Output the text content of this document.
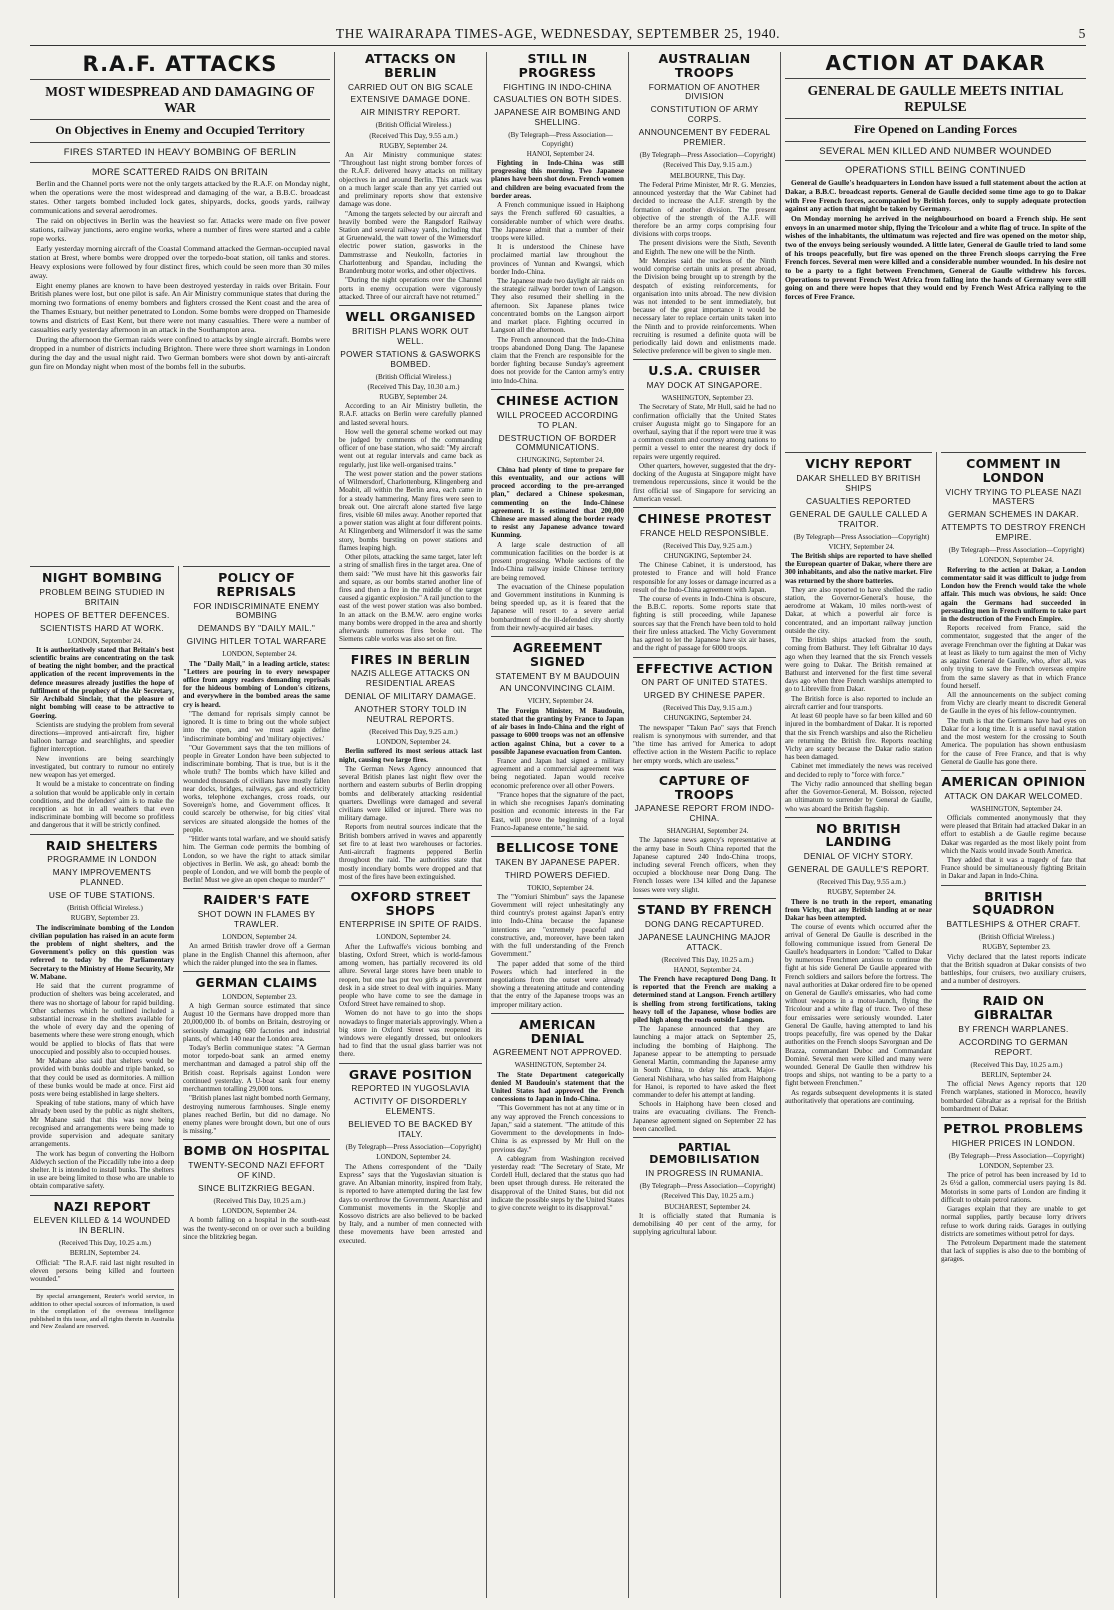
THE WAIRARAPA TIMES-AGE, WEDNESDAY, SEPTEMBER 25, 1940.	5
R.A.F. ATTACKS
MOST WIDESPREAD AND DAMAGING OF WAR
On Objectives in Enemy and Occupied Territory
FIRES STARTED IN HEAVY BOMBING OF BERLIN
MORE SCATTERED RAIDS ON BRITAIN

Berlin and the Channel ports were not the only targets attacked by the R.A.F. on Monday night, when the operations were the most widespread and damaging of the war, a B.B.C. broadcast states. Other targets bombed included lock gates, shipyards, docks, goods yards, railway communications and several aerodromes.

The raid on objectives in Berlin was the heaviest so far. Attacks were made on five power stations, railway junctions, aero engine works, where a number of fires were started and a cable rope works.

Early yesterday morning aircraft of the Coastal Command attacked the German-occupied naval station at Brest, where bombs were dropped over the torpedo-boat station, oil tanks and stores. Heavy explosions were followed by four distinct fires, which could be seen more than 30 miles away.

Eight enemy planes are known to have been destroyed yesterday in raids over Britain. Four British planes were lost, but one pilot is safe. An Air Ministry communique states that during the morning two formations of enemy bombers and fighters crossed the Kent coast and the area of the Thames Estuary, but neither penetrated to London. Some bombs were dropped on Thameside towns and districts of East Kent, but there were not many casualties. There were a number of casualties early yesterday afternoon in an attack in the Southampton area.

During the afternoon the German raids were confined to attacks by single aircraft. Bombs were dropped in a number of districts including Brighton. There were three short warnings in London during the day and the usual night raid. Two German bombers were shot down by anti-aircraft gun fire on Monday night when most of the bombs fell in the suburbs.

NIGHT BOMBING
PROBLEM BEING STUDIED IN BRITAIN
HOPES OF BETTER DEFENCES.
SCIENTISTS HARD AT WORK.

LONDON, September 24.

It is authoritatively stated that Britain's best scientific brains are concentrating on the task of beating the night bomber, and the practical application of the recent improvements in the defence measures already justifies the hope of fulfilment of the prophecy of the Air Secretary, Sir Archibald Sinclair, that the pleasure of night bombing will cease to be attractive to Goering.

Scientists are studying the problem from several directions—improved anti-aircraft fire, higher balloon barrage and searchlights, and speedier fighter interception.

New inventions are being searchingly investigated, but contrary to rumour no entirely new weapon has yet emerged.

It would be a mistake to concentrate on finding a solution that would be applicable only in certain conditions, and the defenders' aim is to make the reception as hot in all weathers that even indiscriminate bombing will become so profitless and dangerous that it will be strictly confined.

RAID SHELTERS
PROGRAMME IN LONDON
MANY IMPROVEMENTS PLANNED.
USE OF TUBE STATIONS.

(British Official Wireless.)

RUGBY, September 23.

The indiscriminate bombing of the London civilian population has raised in an acute form the problem of night shelters, and the Government's policy on this question was referred to today by the Parliamentary Secretary to the Ministry of Home Security, Mr W. Mabane.

He said that the current programme of production of shelters was being accelerated, and there was no shortage of labour for rapid building. Other schemes which he outlined included a substantial increase in the shelters available for the whole of every day and the opening of basements where these were strong enough, which would be applied to blocks of flats that were unoccupied and possibly also to occupied houses.

Mr Mabane also said that shelters would be provided with bunks double and triple banked, so that they could be used as dormitories. A million of these bunks would be made at once. First aid posts were being established in large shelters.

Speaking of tube stations, many of which have already been used by the public as night shelters, Mr Mabane said that this was now being recognised and arrangements were being made to provide supervision and adequate sanitary arrangements.

The work has begun of converting the Holborn Aldwych section of the Piccadilly tube into a deep shelter. It is intended to install bunks. The shelters in use are being limited to those who are unable to obtain comparative safety.

NAZI REPORT
ELEVEN KILLED & 14 WOUNDED IN BERLIN.

(Received This Day, 10.25 a.m.)

BERLIN, September 24.

Official: "The R.A.F. raid last night resulted in eleven persons being killed and fourteen wounded."

By special arrangement, Reuter's world service, in addition to other special sources of information, is used in the compilation of the overseas intelligence published in this issue, and all rights therein in Australia and New Zealand are reserved.

POLICY OF REPRISALS
FOR INDISCRIMINATE ENEMY BOMBING
DEMANDS BY "DAILY MAIL."
GIVING HITLER TOTAL WARFARE

LONDON, September 24.

The "Daily Mail," in a leading article, states: "Letters are pouring in to every newspaper office from angry readers demanding reprisals for the hideous bombing of London's citizens, and everywhere in the bombed areas the same cry is heard.

"The demand for reprisals simply cannot be ignored. It is time to bring out the whole subject into the open, and we must again define 'indiscriminate bombing' and 'military objectives.'

"Our Government says that the ten millions of people in Greater London have been subjected to indiscriminate bombing. That is true, but is it the whole truth? The bombs which have killed and wounded thousands of civilians have mostly fallen near docks, bridges, railways, gas and electricity works, telephone exchanges, cross roads, our Sovereign's home, and Government offices. It could scarcely be otherwise, for big cities' vital services are situated alongside the homes of the people.

"Hitler wants total warfare, and we should satisfy him. The German code permits the bombing of London, so we have the right to attack similar objectives in Berlin. We ask, go ahead: bomb the people of London, and we will bomb the people of Berlin! Must we give an open cheque to murder?"

RAIDER'S FATE
SHOT DOWN IN FLAMES BY TRAWLER.

LONDON, September 24.

An armed British trawler drove off a German plane in the English Channel this afternoon, after which the raider plunged into the sea in flames.

GERMAN CLAIMS

LONDON, September 23.

A high German source estimated that since August 10 the Germans have dropped more than 20,000,000 lb. of bombs on Britain, destroying or seriously damaging 680 factories and industrial plants, of which 140 near the London area.

Today's Berlin communique states: "A German motor torpedo-boat sank an armed enemy merchantman and damaged a patrol ship off the British coast. Reprisals against London were continued yesterday. A U-boat sank four enemy merchantmen totalling 29,000 tons.

"British planes last night bombed north Germany, destroying numerous farmhouses. Single enemy planes reached Berlin, but did no damage. No enemy planes were brought down, but one of ours is missing."

BOMB ON HOSPITAL
TWENTY-SECOND NAZI EFFORT OF KIND.
SINCE BLITZKRIEG BEGAN.

(Received This Day, 10.25 a.m.)

LONDON, September 24.

A bomb falling on a hospital in the south-east was the twenty-second on or over such a building since the blitzkrieg began.

ATTACKS ON BERLIN
CARRIED OUT ON BIG SCALE
EXTENSIVE DAMAGE DONE.
AIR MINISTRY REPORT.

(British Official Wireless.)

(Received This Day, 9.55 a.m.)

RUGBY, September 24.

An Air Ministry communique states: "Throughout last night strong bomber forces of the R.A.F. delivered heavy attacks on military objectives in and around Berlin. This attack was on a much larger scale than any yet carried out and preliminary reports show that extensive damage was done.

"Among the targets selected by our aircraft and heavily bombed were the Rangsdorf Railway Station and several railway yards, including that at Gruenewald, the watt tower of the Wimersdorf electric power station, gasworks in the Dammstrasse and Neukolln, factories in Charlottenburg and Spandau, including the Brandenburg motor works, and other objectives.

"During the night operations over the Channel ports in enemy occupation were vigorously attacked. Three of our aircraft have not returned."

WELL ORGANISED
BRITISH PLANS WORK OUT WELL.
POWER STATIONS & GASWORKS BOMBED.

(British Official Wireless.)

(Received This Day, 10.30 a.m.)

RUGBY, September 24.

According to an Air Ministry bulletin, the R.A.F. attacks on Berlin were carefully planned and lasted several hours.

How well the general scheme worked out may be judged by comments of the commanding officer of one base station, who said: "My aircraft went out at regular intervals and came back as regularly, just like well-organised trains."

The west power station and the power stations of Wilmersdorf, Charlottenburg, Klingenberg and Moabit, all within the Berlin area, each came in for a steady hammering. Many fires were seen to break out. One aircraft alone started five large fires, visible 60 miles away. Another reported that a power station was alight at four different points. At Klingenberg and Wilmersdorf it was the same story, bombs bursting on power stations and flames leaping high.

Other pilots, attacking the same target, later left a string of smallish fires in the target area. One of them said: "We must have hit this gasworks fair and square, as our bombs started another line of fires and then a fire in the middle of the target caused a gigantic explosion." A rail junction to the east of the west power station was also bombed. In an attack on the B.M.W. aero engine works many bombs were dropped in the area and shortly afterwards numerous fires broke out. The Siemens cable works was also set on fire.

FIRES IN BERLIN
NAZIS ALLEGE ATTACKS ON RESIDENTIAL AREAS
DENIAL OF MILITARY DAMAGE.
ANOTHER STORY TOLD IN NEUTRAL REPORTS.

(Received This Day, 9.25 a.m.)

LONDON, September 24.

Berlin suffered its most serious attack last night, causing two large fires.

The German News Agency announced that several British planes last night flew over the northern and eastern suburbs of Berlin dropping bombs and deliberately attacking residential quarters. Dwellings were damaged and several civilians were killed or injured. There was no military damage.

Reports from neutral sources indicate that the British bombers arrived in waves and apparently set fire to at least two warehouses or factories. Anti-aircraft fragments peppered Berlin throughout the raid. The authorities state that mostly incendiary bombs were dropped and that most of the fires have been extinguished.

OXFORD STREET SHOPS
ENTERPRISE IN SPITE OF RAIDS.

LONDON, September 24.

After the Luftwaffe's vicious bombing and blasting, Oxford Street, which is world-famous among women, has partially recovered its old allure. Several large stores have been unable to reopen, but one has put two girls at a pavement desk in a side street to deal with inquiries. Many people who have come to see the damage in Oxford Street have remained to shop.

Women do not have to go into the shops nowadays to finger materials approvingly. When a big store in Oxford Street was reopened its windows were elegantly dressed, but onlookers had to find that the usual glass barrier was not there.

GRAVE POSITION
REPORTED IN YUGOSLAVIA
ACTIVITY OF DISORDERLY ELEMENTS.
BELIEVED TO BE BACKED BY ITALY.

(By Telegraph—Press Association—Copyright)

LONDON, September 24.

The Athens correspondent of the "Daily Express" says that the Yugoslavian situation is grave. An Albanian minority, inspired from Italy, is reported to have attempted during the last few days to overthrow the Government. Anarchist and Communist movements in the Skoplje and Kossovo districts are also believed to be backed by Italy, and a number of men connected with these movements have been arrested and executed.

STILL IN PROGRESS
FIGHTING IN INDO-CHINA
CASUALTIES ON BOTH SIDES.
JAPANESE AIR BOMBING AND SHELLING.

(By Telegraph—Press Association—Copyright)

HANOI, September 24.

Fighting in Indo-China was still progressing this morning. Two Japanese planes have been shot down. French women and children are being evacuated from the border areas.

A French communique issued in Haiphong says the French suffered 60 casualties, a considerable number of which were deaths. The Japanese admit that a number of their troops were killed.

It is understood the Chinese have proclaimed martial law throughout the provinces of Yunnan and Kwangsi, which border Indo-China.

The Japanese made two daylight air raids on the strategic railway border town of Langson. They also resumed their shelling in the afternoon. Six Japanese planes twice concentrated bombs on the Langson airport and market place. Fighting occurred in Langson all the afternoon.

The French announced that the Indo-China troops abandoned Dong Dang. The Japanese claim that the French are responsible for the border fighting because Sunday's agreement does not provide for the Canton army's entry into Indo-China.

CHINESE ACTION
WILL PROCEED ACCORDING TO PLAN.
DESTRUCTION OF BORDER COMMUNICATIONS.

CHUNGKING, September 24.

China had plenty of time to prepare for this eventuality, and our actions will proceed according to the pre-arranged plan," declared a Chinese spokesman, commenting on the Indo-Chinese agreement. It is estimated that 200,000 Chinese are massed along the border ready to resist any Japanese advance toward Kunming.

A large scale destruction of all communication facilities on the border is at present progressing. Whole sections of the Indo-China railway inside Chinese territory are being removed.

The evacuation of the Chinese population and Government institutions in Kunming is being speeded up, as it is feared that the Japanese will resort to a severe aerial bombardment of the ill-defended city shortly from their newly-acquired air bases.

AGREEMENT SIGNED
STATEMENT BY M BAUDOUIN
AN UNCONVINCING CLAIM.

VICHY, September 24.

The Foreign Minister, M Baudouin, stated that the granting by France to Japan of air bases in Indo-China and the right of passage to 6000 troops was not an offensive action against China, but a cover to a possible Japanese evacuation from Canton.

France and Japan had signed a military agreement and a commercial agreement was being negotiated. Japan would receive economic preference over all other Powers.

"France hopes that the signature of the pact, in which she recognises Japan's dominating position and economic interests in the Far East, will prove the beginning of a loyal Franco-Japanese entente," he said.

BELLICOSE TONE
TAKEN BY JAPANESE PAPER.
THIRD POWERS DEFIED.

TOKIO, September 24.

The "Yomiuri Shimbun" says the Japanese Government will reject unhesitatingly any third country's protest against Japan's entry into Indo-China because the Japanese intentions are "extremely peaceful and constructive, and, moreover, have been taken with the full understanding of the French Government."

The paper added that some of the third Powers which had interfered in the negotiations from the outset were already showing a threatening attitude and contending that the entry of the Japanese troops was an improper military action.

AMERICAN DENIAL
AGREEMENT NOT APPROVED.

WASHINGTON, September 24.

The State Department categorically denied M Baudouin's statement that the United States had approved the French concessions to Japan in Indo-China.

"This Government has not at any time or in any way approved the French concessions to Japan," said a statement. "The attitude of this Government to the developments in Indo-China is as expressed by Mr Hull on the previous day."

A cablegram from Washington received yesterday read: "The Secretary of State, Mr Cordell Hull, declared that the status quo had been upset through duress. He reiterated the disapproval of the United States, but did not indicate the possible steps by the United States to give concrete weight to its disapproval."

AUSTRALIAN TROOPS
FORMATION OF ANOTHER DIVISION
CONSTITUTION OF ARMY CORPS.
ANNOUNCEMENT BY FEDERAL PREMIER.

(By Telegraph—Press Association—Copyright)

(Received This Day, 9.15 a.m.)

MELBOURNE, This Day.

The Federal Prime Minister, Mr R. G. Menzies, announced yesterday that the War Cabinet had decided to increase the A.I.F. strength by the formation of another division. The present objective of the strength of the A.I.F. will therefore be an army corps comprising four divisions with corps troops.

The present divisions were the Sixth, Seventh and Eighth. The new one will be the Ninth.

Mr Menzies said the nucleus of the Ninth would comprise certain units at present abroad, the Division being brought up to strength by the despatch of existing reinforcements, for organisation into units abroad. The new division was not intended to be sent immediately, but because of the great importance it would be necessary later to replace certain units taken into the Ninth and to provide reinforcements. When recruiting is resumed a definite quota will be periodically laid down and enlistments made. Selective preference will be given to single men.

U.S.A. CRUISER
MAY DOCK AT SINGAPORE.

WASHINGTON, September 23.

The Secretary of State, Mr Hull, said he had no confirmation officially that the United States cruiser Augusta might go to Singapore for an overhaul, saying that if the report were true it was a common custom and courtesy among nations to permit a vessel to enter the nearest dry dock if repairs were urgently required.

Other quarters, however, suggested that the dry-docking of the Augusta at Singapore might have tremendous repercussions, since it would be the first official use of Singapore for servicing an American vessel.

CHINESE PROTEST
FRANCE HELD RESPONSIBLE.

(Received This Day, 9.25 a.m.)

CHUNGKING, September 24.

The Chinese Cabinet, it is understood, has protested to France and will hold France responsible for any losses or damage incurred as a result of the Indo-China agreement with Japan.

The course of events in Indo-China is obscure, the B.B.C. reports. Some reports state that fighting is still proceeding, while Japanese sources say that the French have been told to hold their fire unless attacked. The Vichy Government has agreed to let the Japanese have six air bases, and the right of passage for 6000 troops.

EFFECTIVE ACTION
ON PART OF UNITED STATES.
URGED BY CHINESE PAPER.

(Received This Day, 9.15 a.m.)

CHUNGKING, September 24.

The newspaper "Takun Pao" says that French realism is synonymous with surrender, and that "the time has arrived for America to adopt effective action in the Western Pacific to replace her empty words, which are useless."

CAPTURE OF TROOPS
JAPANESE REPORT FROM INDO-CHINA.

SHANGHAI, September 24.

The Japanese news agency's representative at the army base in South China reported that the Japanese captured 240 Indo-China troops, including several French officers, when they occupied a blockhouse near Dong Dang. The French losses were 134 killed and the Japanese losses were very slight.

STAND BY FRENCH
DONG DANG RECAPTURED.
JAPANESE LAUNCHING MAJOR ATTACK.

(Received This Day, 10.25 a.m.)

HANOI, September 24.

The French have recaptured Dong Dang. It is reported that the French are making a determined stand at Langson. French artillery is shelling from strong fortifications, taking heavy toll of the Japanese, whose bodies are piled high along the roads outside Langson.

The Japanese announced that they are launching a major attack on September 25, including the bombing of Haiphong. The Japanese appear to be attempting to persuade General Martin, commanding the Japanese army in South China, to delay his attack. Major-General Nishihara, who has sailed from Haiphong for Hanoi, is reported to have asked the fleet commander to defer his attempt at landing.

Schools in Haiphong have been closed and trains are evacuating civilians. The French-Japanese agreement signed on September 22 has been cancelled.

PARTIAL DEMOBILISATION
IN PROGRESS IN RUMANIA.

(By Telegraph—Press Association—Copyright)

(Received This Day, 10.25 a.m.)

BUCHAREST, September 24.

It is officially stated that Rumania is demobilising 40 per cent of the army, for supplying agricultural labour.

ACTION AT DAKAR
GENERAL DE GAULLE MEETS INITIAL REPULSE
Fire Opened on Landing Forces
SEVERAL MEN KILLED AND NUMBER WOUNDED
OPERATIONS STILL BEING CONTINUED

General de Gaulle's headquarters in London have issued a full statement about the action at Dakar, a B.B.C. broadcast reports. General de Gaulle decided some time ago to go to Dakar with Free French forces, accompanied by British forces, only to supply adequate protection against any action that might be taken by Germany.

On Monday morning he arrived in the neighbourhood on board a French ship. He sent envoys in an unarmed motor ship, flying the Tricolour and a white flag of truce. In spite of the wishes of the inhabitants, the ultimatum was rejected and fire was opened on the motor ship, two of the envoys being seriously wounded. A little later, General de Gaulle tried to land some of his troops peacefully, but fire was opened on the three French sloops carrying the Free French forces. Several men were killed and a considerable number wounded. In his desire not to be a party to a fight between Frenchmen, General de Gaulle withdrew his forces. Operations to prevent French West Africa from falling into the hands of Germany were still going on and there were hopes that they would end by French West Africa rallying to the forces of Free France.

VICHY REPORT
DAKAR SHELLED BY BRITISH SHIPS
CASUALTIES REPORTED
GENERAL DE GAULLE CALLED A TRAITOR.

(By Telegraph—Press Association—Copyright)

VICHY, September 24.

The British ships are reported to have shelled the European quarter of Dakar, where there are 300 inhabitants, and also the native market. Fire was returned by the shore batteries.

They are also reported to have shelled the radio station, the Governor-General's house, the aerodrome at Wakam, 10 miles north-west of Dakar, at which a powerful air force is concentrated, and an important railway junction outside the city.

The British ships attacked from the south, coming from Bathurst. They left Gibraltar 10 days ago when they learned that the six French vessels were going to Dakar. The British remained at Bathurst and intervened for the first time several days ago when three French warships attempted to go to Libreville from Dakar.

The British force is also reported to include an aircraft carrier and four transports.

At least 60 people have so far been killed and 60 injured in the bombardment of Dakar. It is reported that the six French warships and also the Richelieu are returning the British fire. Reports reaching Vichy are scanty because the Dakar radio station has been damaged.

Cabinet met immediately the news was received and decided to reply to "force with force."

The Vichy radio announced that shelling began after the Governor-General, M. Boisson, rejected an ultimatum to surrender by General de Gaulle, who was aboard the British flagship.

NO BRITISH LANDING
DENIAL OF VICHY STORY.
GENERAL DE GAULLE'S REPORT.

(Received This Day, 9.55 a.m.)

RUGBY, September 24.

There is no truth in the report, emanating from Vichy, that any British landing at or near Dakar has been attempted.

The course of events which occurred after the arrival of General De Gaulle is described in the following communique issued from General De Gaulle's headquarters in London: "Called to Dakar by numerous Frenchmen anxious to continue the fight at his side General De Gaulle appeared with French soldiers and sailors before the fortress. The naval authorities at Dakar ordered fire to be opened on General de Gaulle's emissaries, who had come without weapons in a motor-launch, flying the Tricolour and a white flag of truce. Two of these four emissaries were seriously wounded. Later General De Gaulle, having attempted to land his troops peacefully, fire was opened by the Dakar authorities on the French sloops Savorgnan and De Brazza, commandant Duboc and Commandant Dominé. Several men were killed and many were wounded. General De Gaulle then withdrew his troops and ships, not wanting to be a party to a fight between Frenchmen."

As regards subsequent developments it is stated authoritatively that operations are continuing.

COMMENT IN LONDON
VICHY TRYING TO PLEASE NAZI MASTERS
GERMAN SCHEMES IN DAKAR.
ATTEMPTS TO DESTROY FRENCH EMPIRE.

(By Telegraph—Press Association—Copyright)

LONDON, September 24.

Referring to the action at Dakar, a London commentator said it was difficult to judge from London how the French would take the whole affair. This much was obvious, he said: Once again the Germans had succeeded in persuading men in French uniform to take part in the destruction of the French Empire.

Reports received from France, said the commentator, suggested that the anger of the average Frenchman over the fighting at Dakar was at least as likely to turn against the men of Vichy as against General de Gaulle, who, after all, was only trying to save the French overseas empire from the same slavery as that in which France found herself.

All the announcements on the subject coming from Vichy are clearly meant to discredit General de Gaulle in the eyes of his fellow-countrymen.

The truth is that the Germans have had eyes on Dakar for a long time. It is a useful naval station and the most western for the crossing to South America. The population has shown enthusiasm for the cause of Free France, and that is why General de Gaulle has gone there.

AMERICAN OPINION
ATTACK ON DAKAR WELCOMED.

WASHINGTON, September 24.

Officials commented anonymously that they were pleased that Britain had attacked Dakar in an effort to establish a de Gaulle regime because Dakar was regarded as the most likely point from which the Nazis would invade South America.

They added that it was a tragedy of fate that France should be simultaneously fighting Britain in Dakar and Japan in Indo-China.

BRITISH SQUADRON
BATTLESHIPS & OTHER CRAFT.

(British Official Wireless.)

RUGBY, September 23.

Vichy declared that the latest reports indicate that the British squadron at Dakar consists of two battleships, four cruisers, two auxiliary cruisers, and a number of destroyers.

RAID ON GIBRALTAR
BY FRENCH WARPLANES.
ACCORDING TO GERMAN REPORT.

(Received This Day, 10.25 a.m.)

BERLIN, September 24.

The official News Agency reports that 120 French warplanes, stationed in Morocco, heavily bombarded Gibraltar as a reprisal for the British bombardment of Dakar.

PETROL PROBLEMS
HIGHER PRICES IN LONDON.

(By Telegraph—Press Association—Copyright)

LONDON, September 23.

The price of petrol has been increased by 1d to 2s 6½d a gallon, commercial users paying 1s 8d. Motorists in some parts of London are finding it difficult to obtain petrol rations.

Garages explain that they are unable to get normal supplies, partly because lorry drivers refuse to work during raids. Garages in outlying districts are sometimes without petrol for days.

The Petroleum Department made the statement that lack of supplies is also due to the bombing of garages.
